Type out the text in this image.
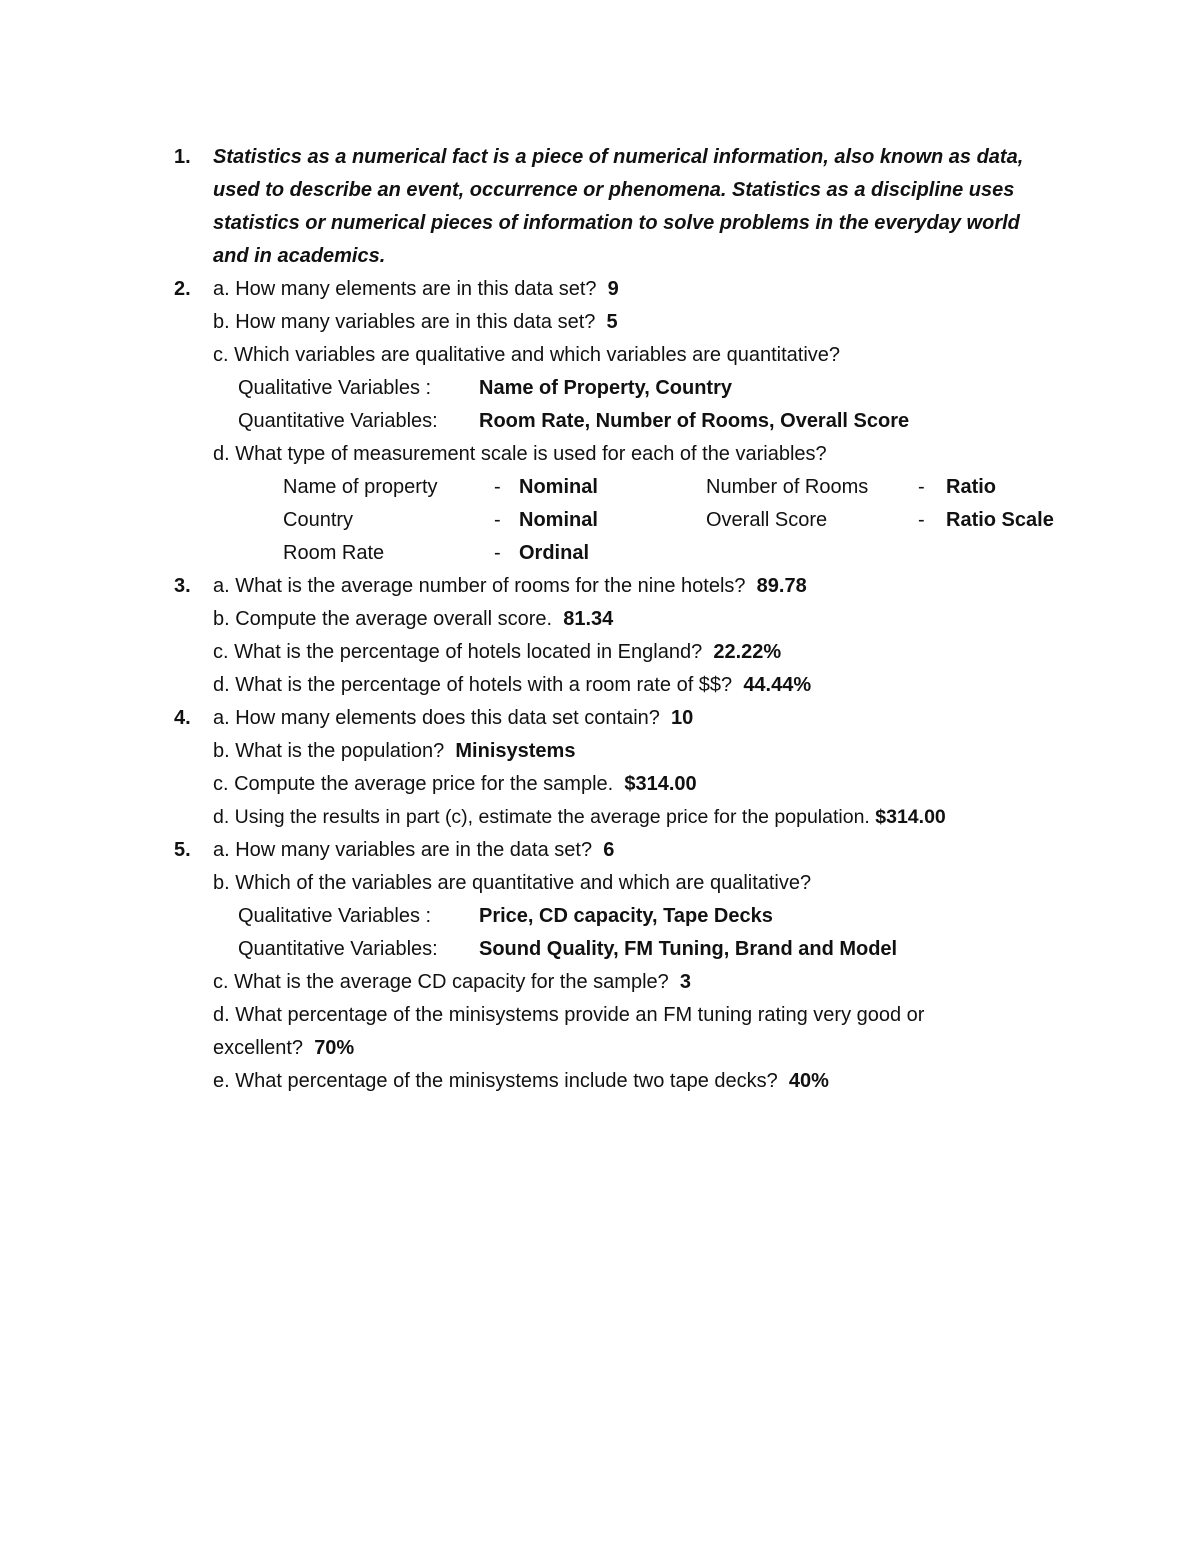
1. Statistics as a numerical fact is a piece of numerical information, also known as data,
used to describe an event, occurrence or phenomena. Statistics as a discipline uses
statistics or numerical pieces of information to solve problems in the everyday world
and in academics.
2. a. How many elements are in this data set? 9
b. How many variables are in this data set? 5
c. Which variables are qualitative and which variables are quantitative?
Qualitative Variables : Name of Property, Country
Quantitative Variables: Room Rate, Number of Rooms, Overall Score
d. What type of measurement scale is used for each of the variables?
Name of property	- Nominal	Number of Rooms - Ratio
Country	- Nominal	Overall Score	- Ratio Scale
Room Rate	- Ordinal
3. a. What is the average number of rooms for the nine hotels? 89.78
b. Compute the average overall score. 81.34
c. What is the percentage of hotels located in England? 22.22%
d. What is the percentage of hotels with a room rate of $$? 44.44%
4. a. How many elements does this data set contain? 10
b. What is the population? Minisystems
c. Compute the average price for the sample. $314.00
d. Using the results in part (c), estimate the average price for the population. $314.00
5. a. How many variables are in the data set? 6
b. Which of the variables are quantitative and which are qualitative?
Qualitative Variables : Price, CD capacity, Tape Decks
Quantitative Variables: Sound Quality, FM Tuning, Brand and Model
c. What is the average CD capacity for the sample? 3
d. What percentage of the minisystems provide an FM tuning rating very good or
excellent? 70%
e. What percentage of the minisystems include two tape decks? 40%
